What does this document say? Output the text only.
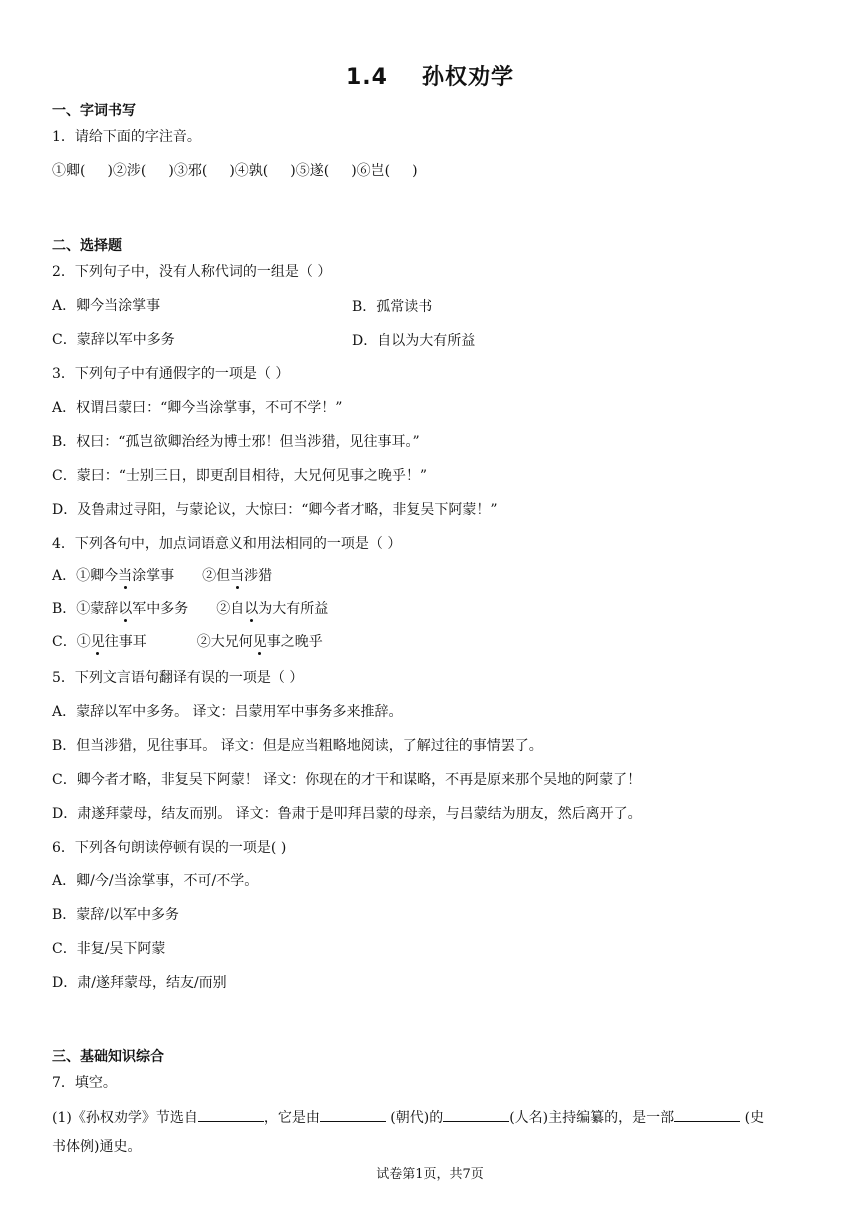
1.4 孙权劝学
一、字词书写
1．请给下面的字注音。
①卿( )②涉( )③邪( )④孰( )⑤遂( )⑥岂( )
二、选择题
2．下列句子中，没有人称代词的一组是（ ）
A．卿今当涂掌事	B．孤常读书
C．蒙辞以军中多务	D．自以为大有所益
3．下列句子中有通假字的一项是（ ）
A．权谓吕蒙曰：“卿今当涂掌事，不可不学！”
B．权曰：“孤岂欲卿治经为博士邪！但当涉猎，见往事耳。”
C．蒙曰：“士别三日，即更刮目相待，大兄何见事之晚乎！”
D．及鲁肃过寻阳，与蒙论议，大惊曰：“卿今者才略，非复吴下阿蒙！”
4．下列各句中，加点词语意义和用法相同的一项是（ ）
A．①卿今当涂掌事 ②但当涉猎
B．①蒙辞以军中多务 ②自以为大有所益
C．①见往事耳	②大兄何见事之晚乎
5．下列文言语句翻译有误的一项是（ ）
A．蒙辞以军中多务。 译文：吕蒙用军中事务多来推辞。
B．但当涉猎，见往事耳。 译文：但是应当粗略地阅读，了解过往的事情罢了。
C．卿今者才略，非复吴下阿蒙！ 译文：你现在的才干和谋略，不再是原来那个吴地的阿蒙了！
D．肃遂拜蒙母，结友而别。 译文：鲁肃于是叩拜吕蒙的母亲，与吕蒙结为朋友，然后离开了。
6．下列各句朗读停顿有误的一项是( )
A．卿/今/当涂掌事，不可/不学。
B．蒙辞/以军中多务
C．非复/吴下阿蒙
D．肃/遂拜蒙母，结友/而别
三、基础知识综合
7．填空。
(1)《孙权劝学》节选自	，它是由	(朝代)的	(人名)主持编纂的，是一部	(史
书体例)通史。
试卷第1页，共7页
